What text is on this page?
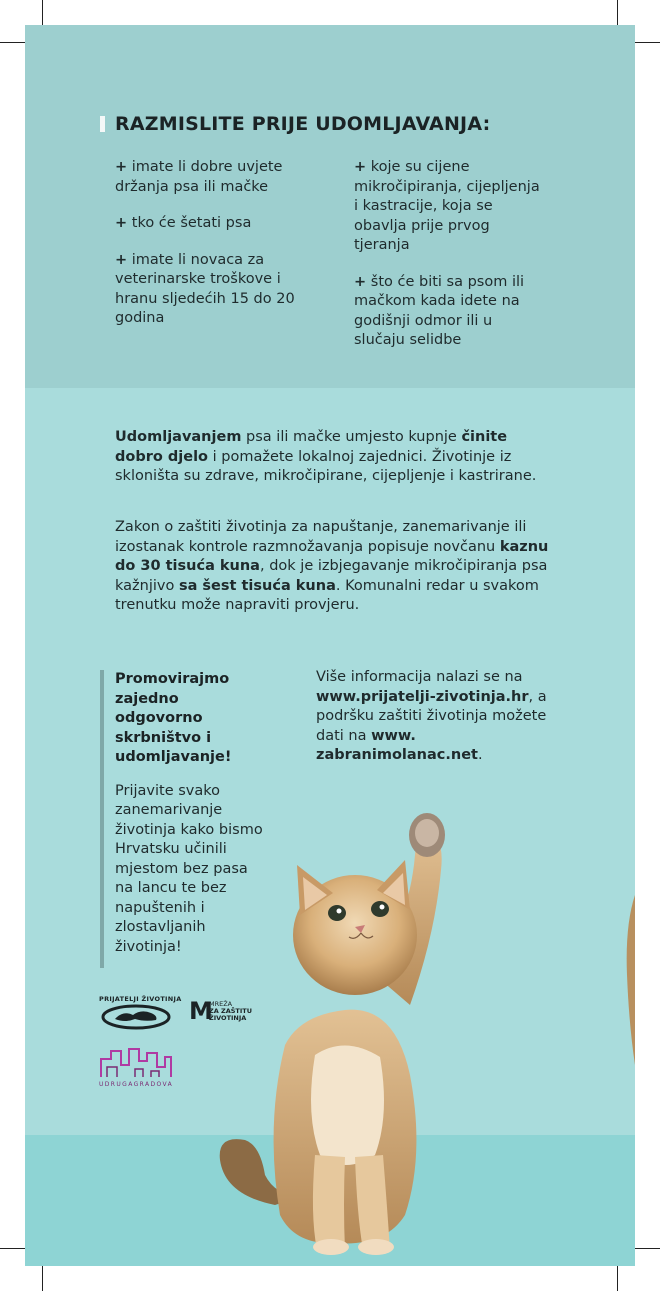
RAZMISLITE PRIJE UDOMLJAVANJA:

+ imate li dobre uvjete držanja psa ili mačke

+ tko će šetati psa

+ imate li novaca za veterinarske troškove i hranu sljedećih 15 do 20 godina

+ koje su cijene mikročipiranja, cijepljenja i kastracije, koja se obavlja prije prvog tjeranja

+ što će biti sa psom ili mačkom kada idete na godišnji odmor ili u slučaju selidbe

Udomljavanjem psa ili mačke umjesto kupnje činite dobro djelo i pomažete lokalnoj zajednici. Životinje iz skloništa su zdrave, mikročipirane, cijepljenje i kastrirane.
Zakon o zaštiti životinja za napuštanje, zanemarivanje ili izostanak kontrole razmnožavanja popisuje novčanu kaznu do 30 tisuća kuna, dok je izbjegavanje mikročipiranja psa kažnjivo sa šest tisuća kuna. Komunalni redar u svakom trenutku može napraviti provjeru.

Promovirajmo zajedno odgovorno skrbništvo i udomljavanje!

Prijavite svako zanemarivanje životinja kako bismo Hrvatsku učinili mjestom bez pasa na lancu te bez napuštenih i zlostavljanih životinja!

Više informacija nalazi se na www.prijatelji-zivotinja.hr, a podršku zaštiti životinja možete dati na www. zabranimolanac.net.
PRIJATELJI ŽIVOTINJA M
MREŽA
ZA ZAŠTITU
ŽIVOTINJA
UDRUGAGRADOVA
